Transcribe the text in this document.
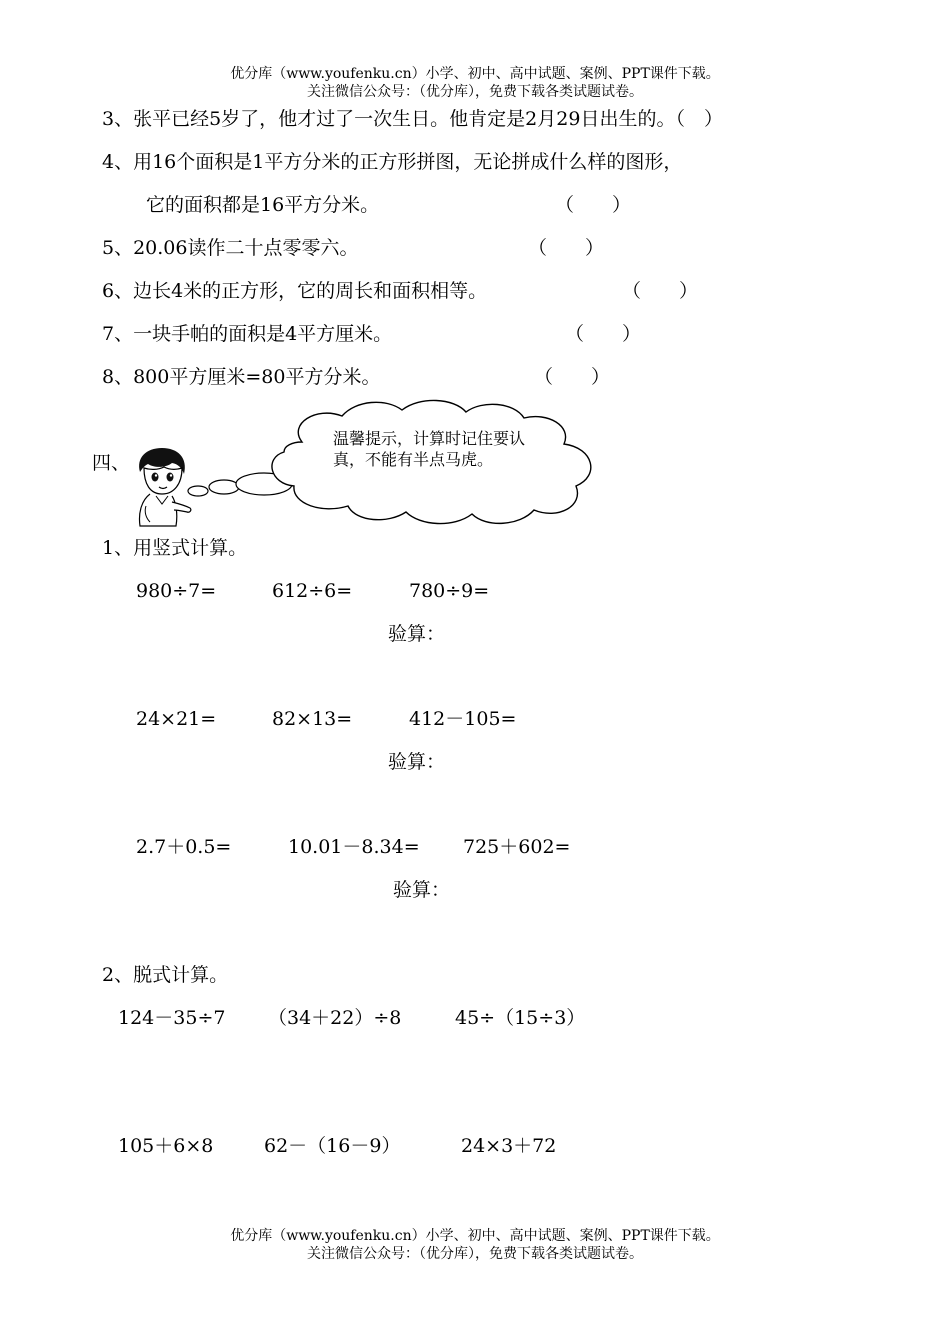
优分库（www.youfenku.cn）小学、初中、高中试题、案例、PPT课件下载。
关注微信公众号：（优分库），免费下载各类试题试卷。
3、张平已经5岁了，他才过了一次生日。他肯定是2月29日出生的。（　）
4、用16个面积是1平方分米的正方形拼图，无论拼成什么样的图形，
它的面积都是16平方分米。	（　　）
5、20.06读作二十点零零六。	（　　）
6、边长4米的正方形，它的周长和面积相等。	（　　）
7、一块手帕的面积是4平方厘米。	（　　）
8、800平方厘米=80平方分米。	（　　）
四、
温馨提示，计算时记住要认真，不能有半点马虎。
1、用竖式计算。
980÷7=	612÷6=	780÷9=
验算：
24×21=	82×13=	412－105=
验算：
2.7＋0.5=	10.01－8.34= 725＋602=
验算：
2、脱式计算。
124－35÷7 （34＋22）÷8	45÷（15÷3）
105＋6×8	62－（16－9）	24×3＋72
优分库（www.youfenku.cn）小学、初中、高中试题、案例、PPT课件下载。
关注微信公众号：（优分库），免费下载各类试题试卷。
